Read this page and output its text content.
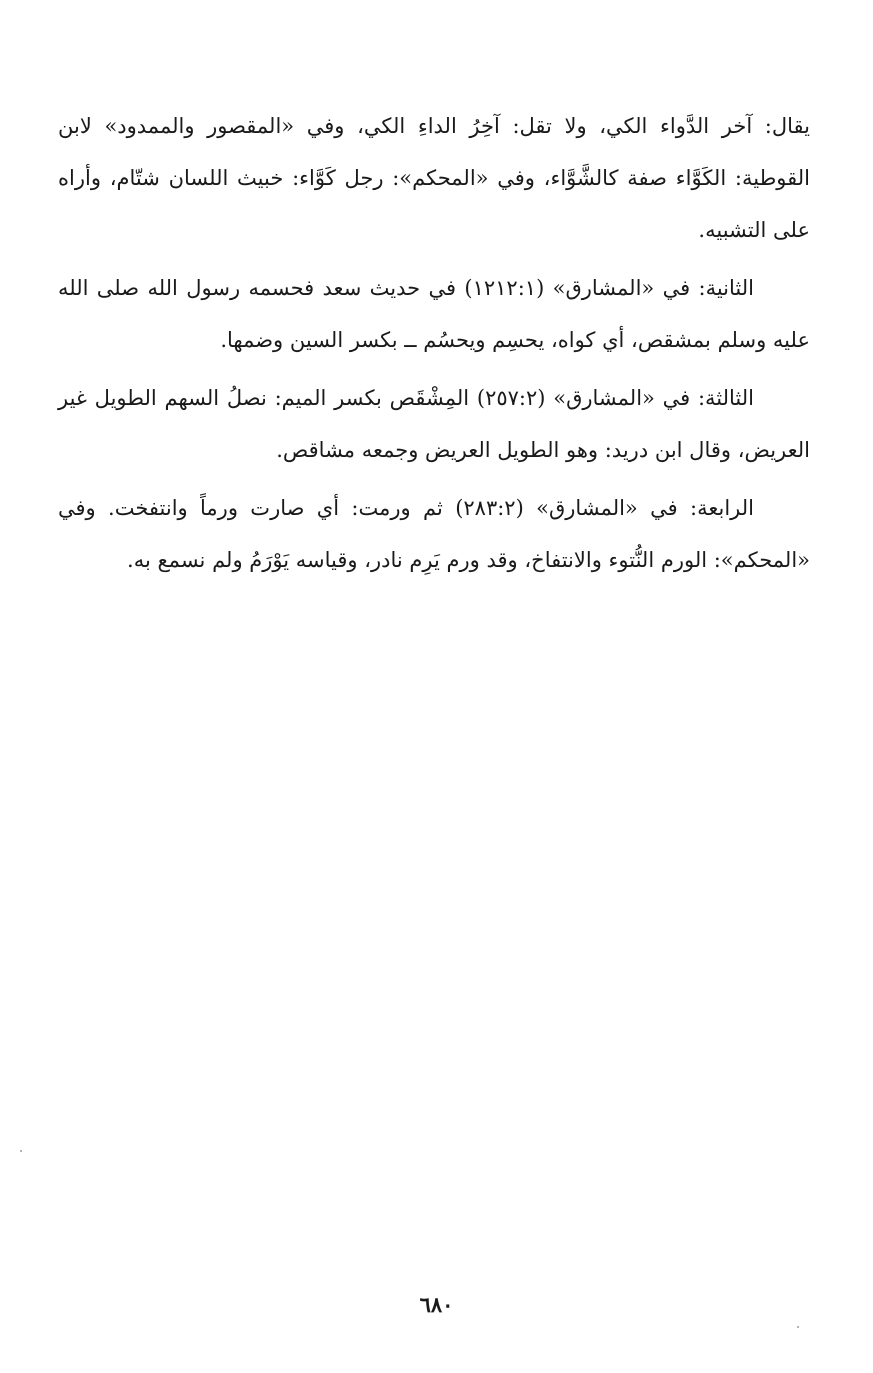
يقال: آخر الدَّواء الكي، ولا تقل: آخِرُ الداءِ الكي، وفي «المقصور والممدود» لابن القوطية: الكَوَّاء صفة كالشَّوَّاء، وفي «المحكم»: رجل كَوَّاء: خبيث اللسان شتّام، وأراه على التشبيه.

الثانية: في «المشارق» (١٢١٢:١) في حديث سعد فحسمه رسول الله صلى الله عليه وسلم بمشقص، أي كواه، يحسِم ويحسُم ــ بكسر السين وضمها.

الثالثة: في «المشارق» (٢٥٧:٢) المِشْقَص بكسر الميم: نصلُ السهم الطويل غير العريض، وقال ابن دريد: وهو الطويل العريض وجمعه مشاقص.

الرابعة: في «المشارق» (٢٨٣:٢) ثم ورمت: أي صارت ورماً وانتفخت. وفي «المحكم»: الورم النُّتوء والانتفاخ، وقد ورم يَرِم نادر، وقياسه يَوْرَمُ ولم نسمع به.

٦٨٠
